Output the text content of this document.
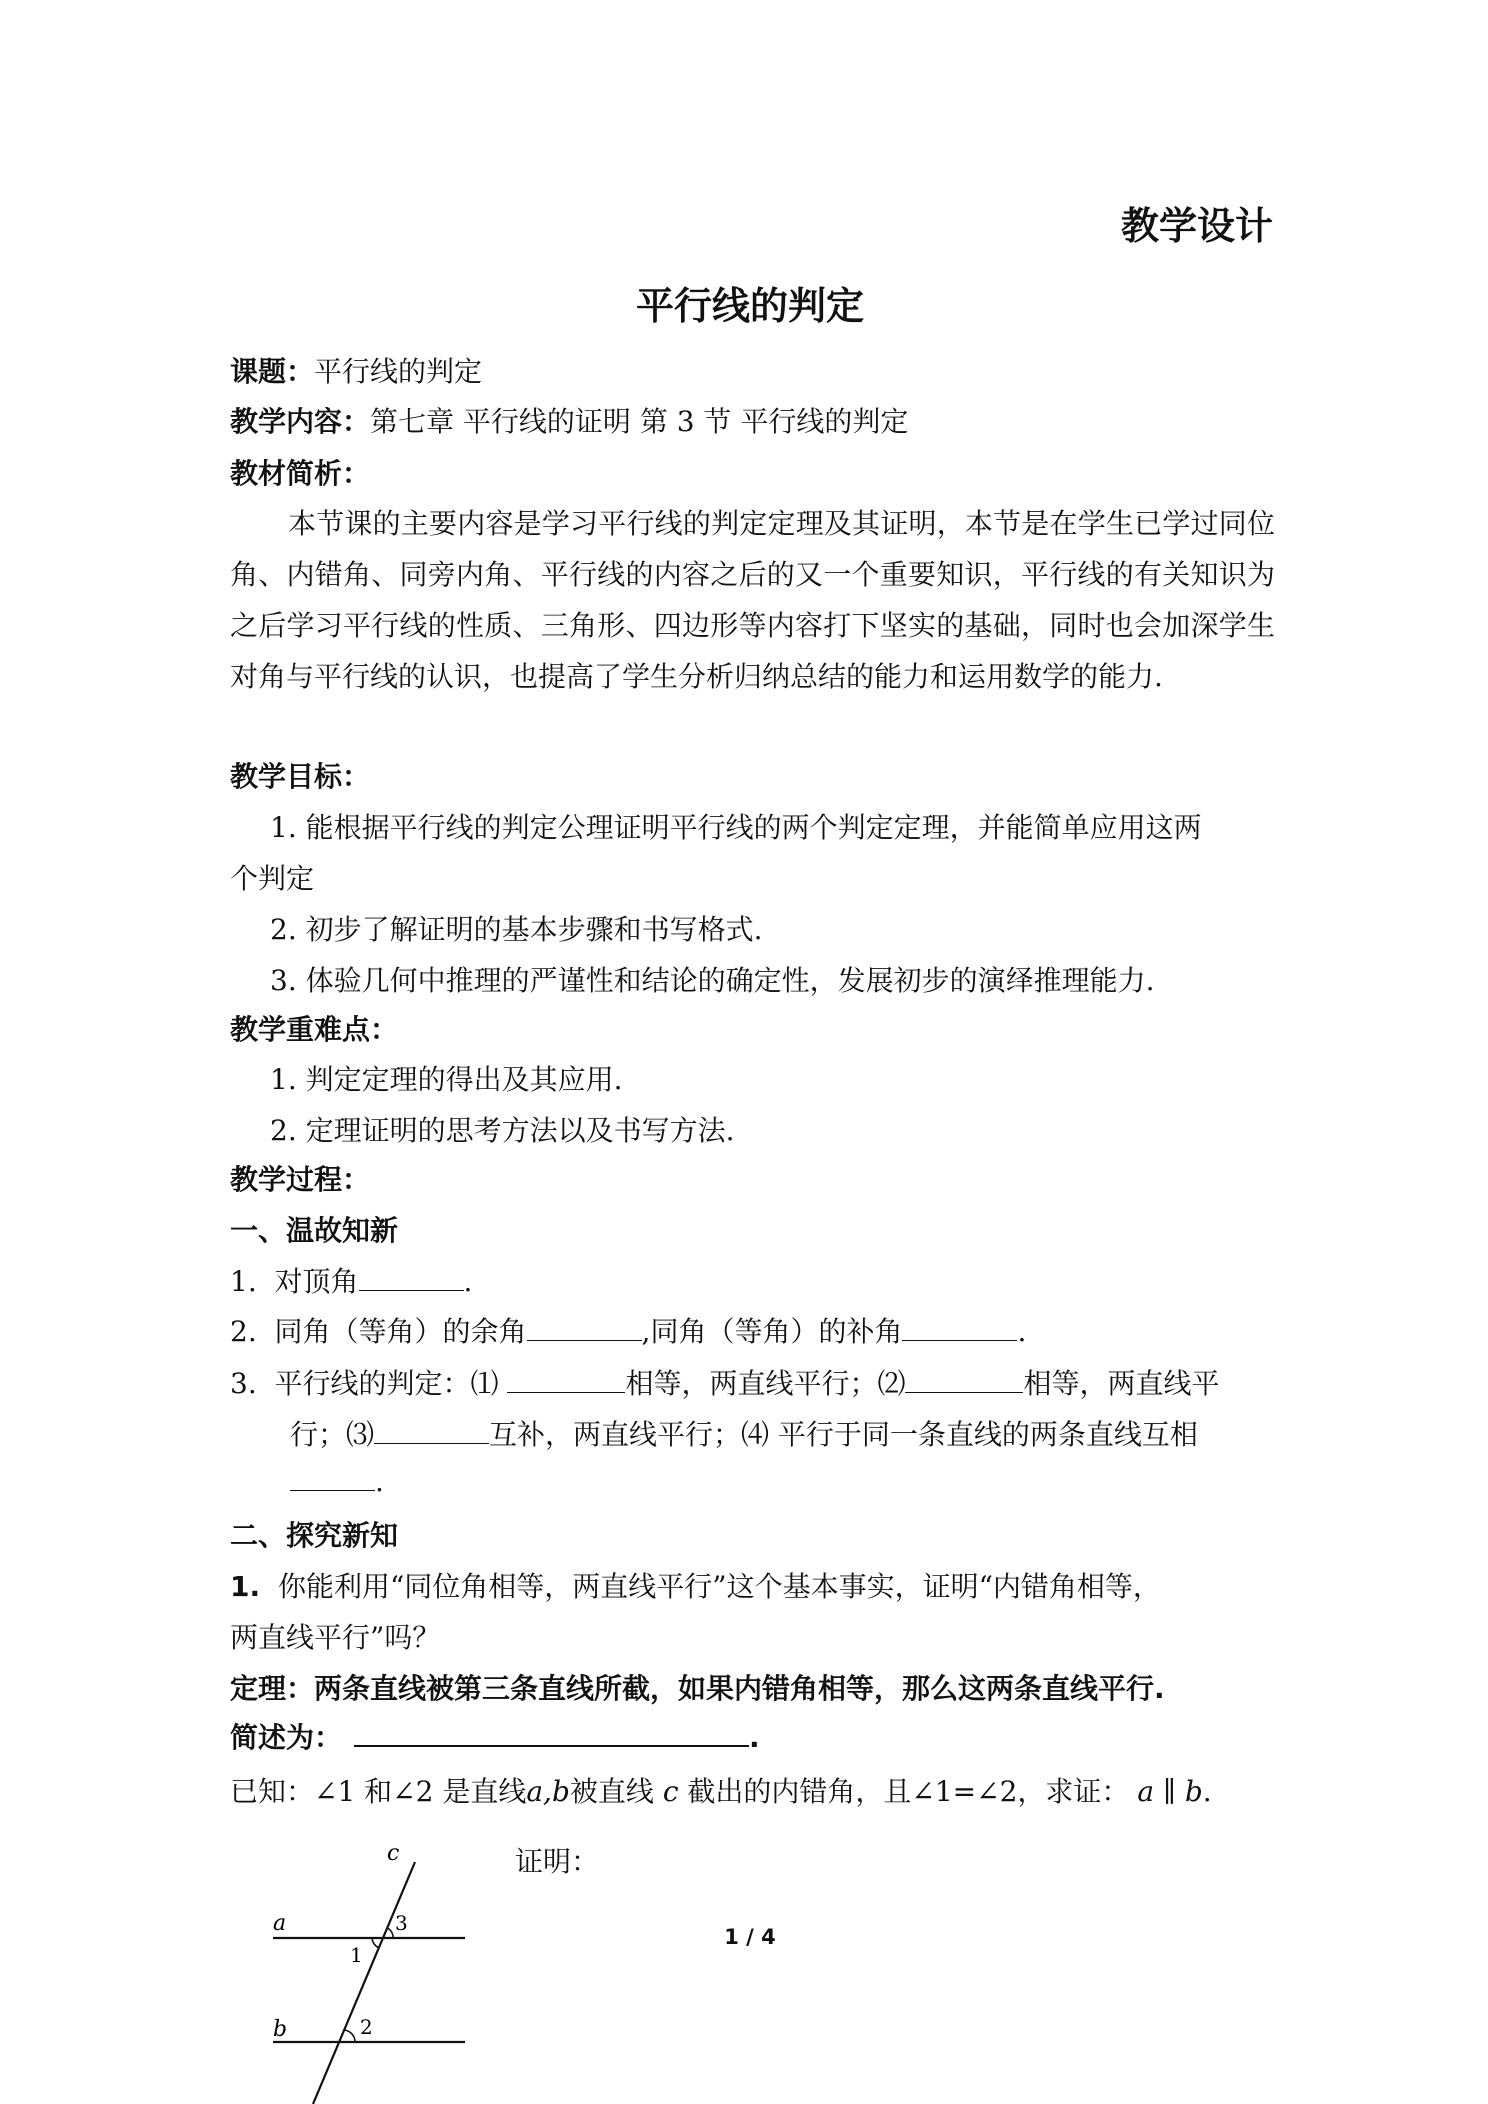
教学设计
平行线的判定
课题：平行线的判定
教学内容：第七章 平行线的证明 第 3 节 平行线的判定
教材简析：
本节课的主要内容是学习平行线的判定定理及其证明，本节是在学生已学过同位角、内错角、同旁内角、平行线的内容之后的又一个重要知识，平行线的有关知识为之后学习平行线的性质、三角形、四边形等内容打下坚实的基础，同时也会加深学生对角与平行线的认识，也提高了学生分析归纳总结的能力和运用数学的能力.
教学目标：
1. 能根据平行线的判定公理证明平行线的两个判定定理，并能简单应用这两
个判定
2. 初步了解证明的基本步骤和书写格式.
3. 体验几何中推理的严谨性和结论的确定性，发展初步的演绎推理能力.
教学重难点：
1. 判定定理的得出及其应用.
2. 定理证明的思考方法以及书写方法.
教学过程：
一、温故知新
1. 对顶角	.
2. 同角（等角）的余角	,同角（等角）的补角	.
3. 平行线的判定：⑴	相等，两直线平行；⑵	相等，两直线平
行；⑶	互补，两直线平行；⑷ 平行于同一条直线的两条直线互相
.
二、探究新知
1. 你能利用“同位角相等，两直线平行”这个基本事实，证明“内错角相等，
两直线平行”吗？
定理：两条直线被第三条直线所截，如果内错角相等，那么这两条直线平行.
简述为：	.
已知：∠1 和∠2 是直线a,b被直线 c 截出的内错角，且∠1=∠2，求证： a ∥ b.
证明：
c
a
b
1
2
3
1 / 4
